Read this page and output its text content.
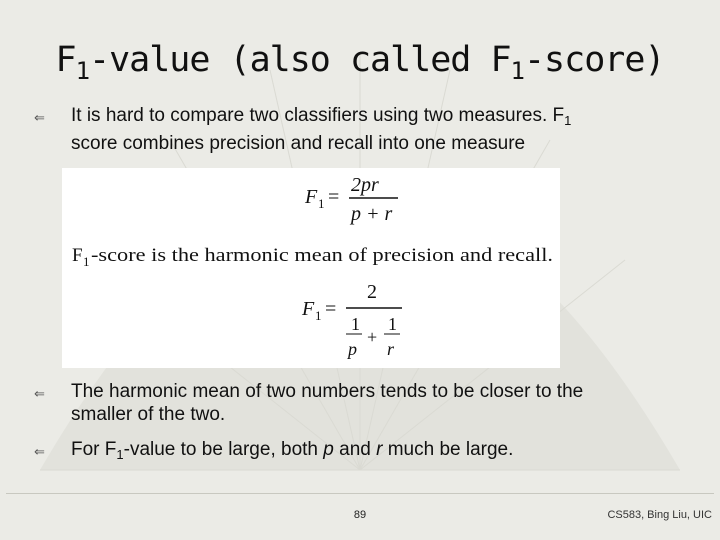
$F_1$-value (also called $F_1-score$)
⇐ It is hard to compare two classifiers using two measures. $F_1$
score combines precision and recall into one measure
F 1 =
2pr
p + r
F 1 -score is the harmonic mean of precision and recall.
F 1 =
2
1
p
+
1
r
⇐ The harmonic mean of two numbers tends to be closer to the
smaller of the two.
⇐ For $F_1$-value to be large, both p and r much be large.
89	CS583, Bing Liu, UIC
